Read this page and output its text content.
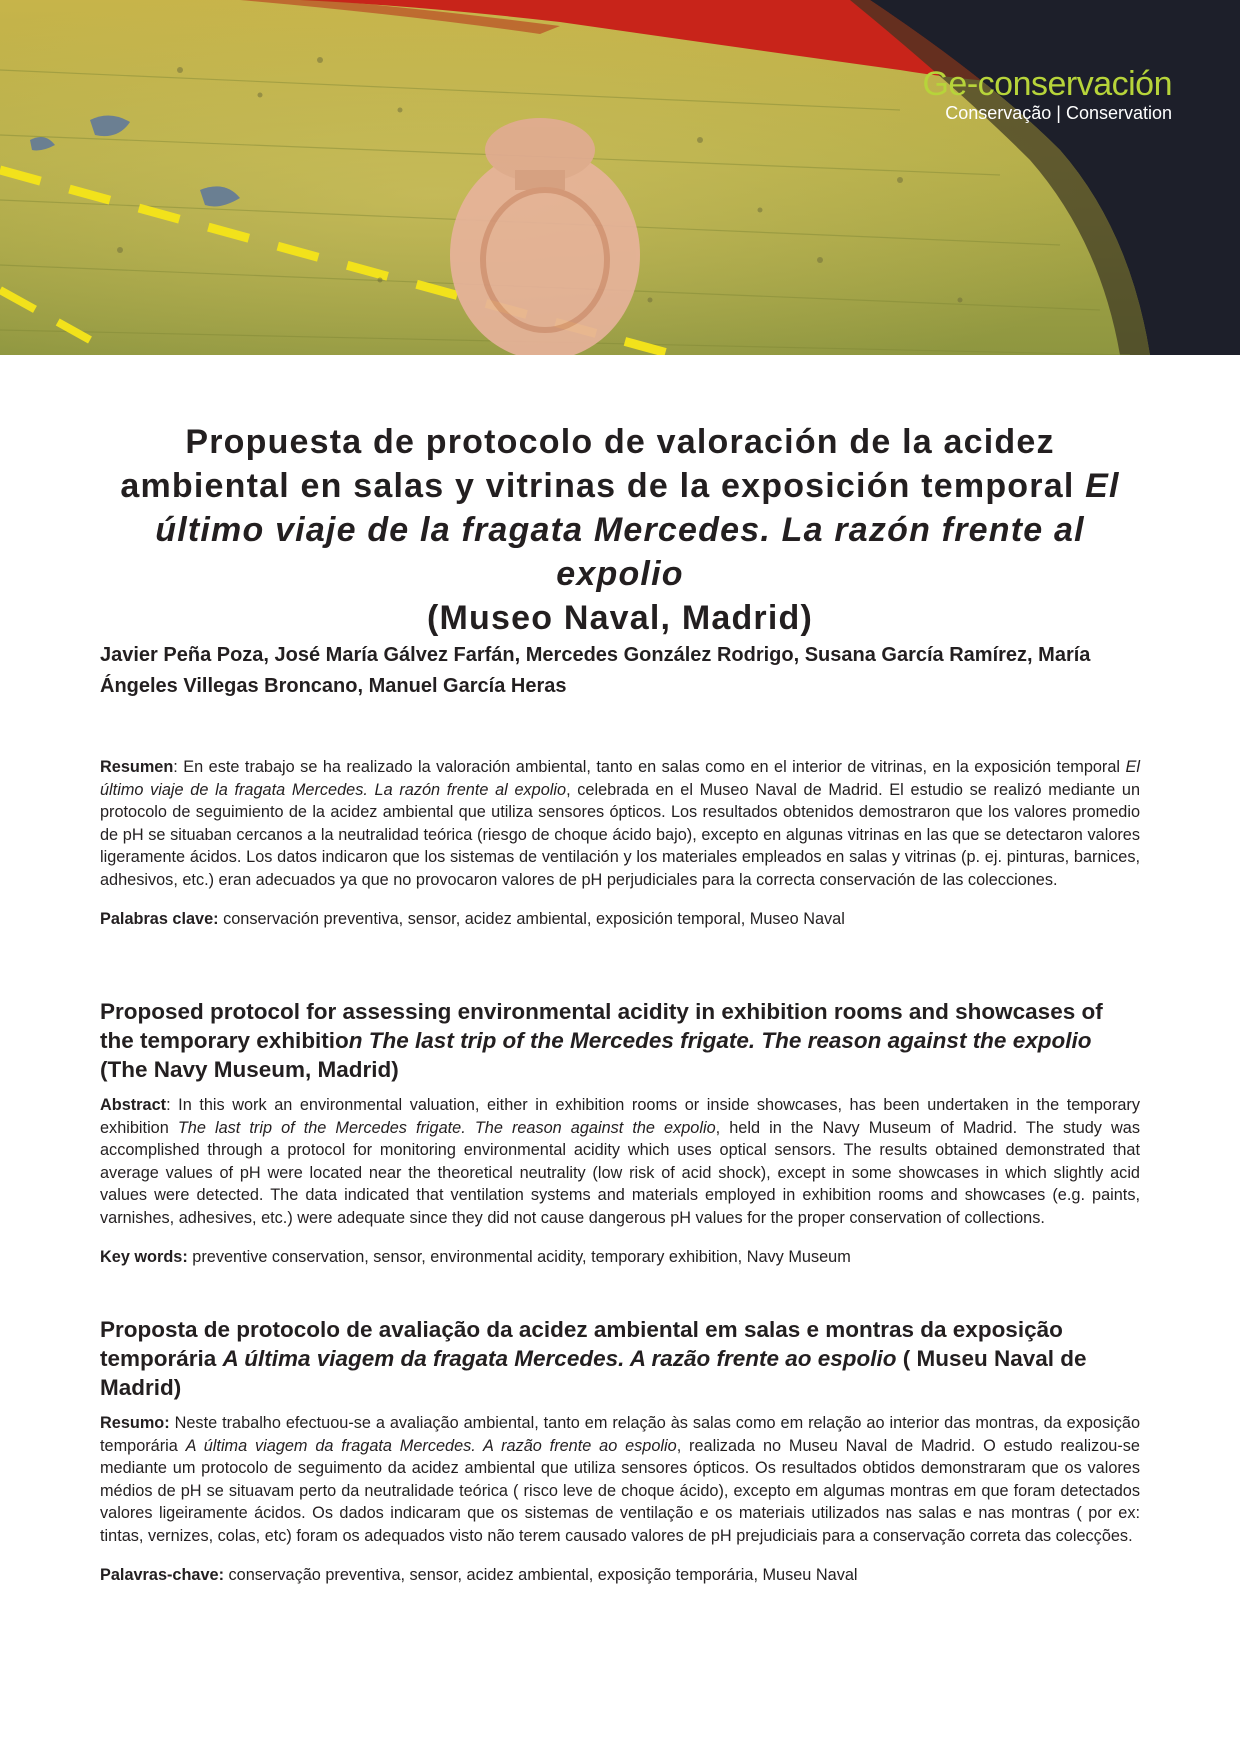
Ge-conservación
Conservação | Conservation
Propuesta de protocolo de valoración de la acidez ambiental en salas y vitrinas de la exposición temporal El último viaje de la fragata Mercedes. La razón frente al expolio
(Museo Naval, Madrid)

Javier Peña Poza, José María Gálvez Farfán, Mercedes González Rodrigo, Susana García Ramírez, María Ángeles Villegas Broncano, Manuel García Heras

Resumen: En este trabajo se ha realizado la valoración ambiental, tanto en salas como en el interior de vitrinas, en la exposición temporal El último viaje de la fragata Mercedes. La razón frente al expolio, celebrada en el Museo Naval de Madrid. El estudio se realizó mediante un protocolo de seguimiento de la acidez ambiental que utiliza sensores ópticos. Los resultados obtenidos demostraron que los valores promedio de pH se situaban cercanos a la neutralidad teórica (riesgo de choque ácido bajo), excepto en algunas vitrinas en las que se detectaron valores ligeramente ácidos. Los datos indicaron que los sistemas de ventilación y los materiales empleados en salas y vitrinas (p. ej. pinturas, barnices, adhesivos, etc.) eran adecuados ya que no provocaron valores de pH perjudiciales para la correcta conservación de las colecciones.

Palabras clave: conservación preventiva, sensor, acidez ambiental, exposición temporal, Museo Naval

Proposed protocol for assessing environmental acidity in exhibition rooms and showcases of the temporary exhibition The last trip of the Mercedes frigate. The reason against the expolio (The Navy Museum, Madrid)

Abstract: In this work an environmental valuation, either in exhibition rooms or inside showcases, has been undertaken in the temporary exhibition The last trip of the Mercedes frigate. The reason against the expolio, held in the Navy Museum of Madrid. The study was accomplished through a protocol for monitoring environmental acidity which uses optical sensors. The results obtained demonstrated that average values of pH were located near the theoretical neutrality (low risk of acid shock), except in some showcases in which slightly acid values were detected. The data indicated that ventilation systems and materials employed in exhibition rooms and showcases (e.g. paints, varnishes, adhesives, etc.) were adequate since they did not cause dangerous pH values for the proper conservation of collections.

Key words: preventive conservation, sensor, environmental acidity, temporary exhibition, Navy Museum

Proposta de protocolo de avaliação da acidez ambiental em salas e montras da exposição temporária A última viagem da fragata Mercedes. A razão frente ao espolio ( Museu Naval de Madrid)

Resumo: Neste trabalho efectuou-se a avaliação ambiental, tanto em relação às salas como em relação ao interior das montras, da exposição temporária A última viagem da fragata Mercedes. A razão frente ao espolio, realizada no Museu Naval de Madrid. O estudo realizou-se mediante um protocolo de seguimento da acidez ambiental que utiliza sensores ópticos. Os resultados obtidos demonstraram que os valores médios de pH se situavam perto da neutralidade teórica ( risco leve de choque ácido), excepto em algumas montras em que foram detectados valores ligeiramente ácidos. Os dados indicaram que os sistemas de ventilação e os materiais utilizados nas salas e nas montras ( por ex: tintas, vernizes, colas, etc) foram os adequados visto não terem causado valores de pH prejudiciais para a conservação correta das colecções.

Palavras-chave: conservação preventiva, sensor, acidez ambiental, exposição temporária, Museu Naval
